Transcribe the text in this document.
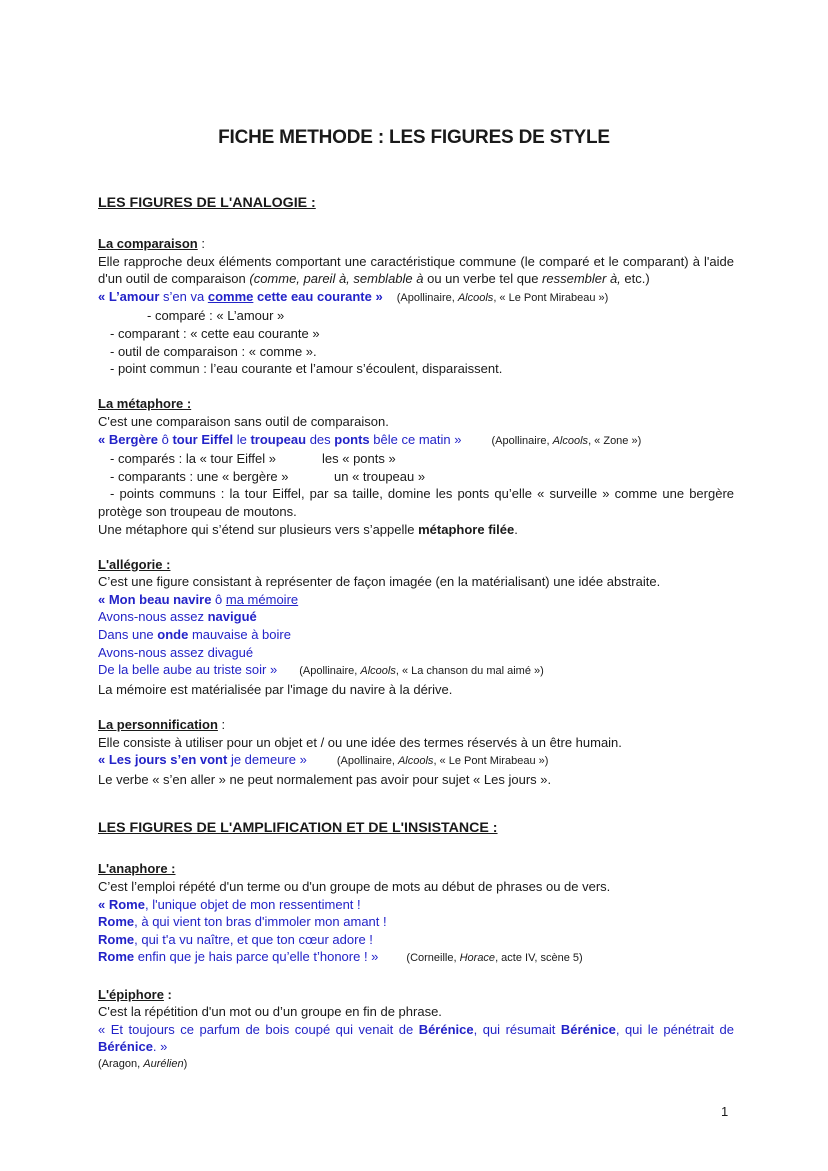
FICHE METHODE : LES FIGURES DE STYLE
LES FIGURES DE L'ANALOGIE :
La comparaison :
Elle rapproche deux éléments comportant une caractéristique commune (le comparé et le comparant) à l'aide d'un outil de comparaison (comme, pareil à, semblable à ou un verbe tel que ressembler à, etc.)
« L’amour s’en va comme cette eau courante » (Apollinaire, Alcools, « Le Pont Mirabeau »)
- comparé : « L’amour »
- comparant : « cette eau courante »
- outil de comparaison : « comme ».
- point commun : l’eau courante et l’amour s’écoulent, disparaissent.
La métaphore :
C'est une comparaison sans outil de comparaison.
« Bergère ô tour Eiffel le troupeau des ponts bêle ce matin »	(Apollinaire, Alcools, « Zone »)
- comparés : la « tour Eiffel »	les « ponts »
- comparants : une « bergère »	un « troupeau »
- points communs : la tour Eiffel, par sa taille, domine les ponts qu’elle « surveille » comme une bergère protège son troupeau de moutons.
Une métaphore qui s’étend sur plusieurs vers s’appelle métaphore filée.
L'allégorie :
C’est une figure consistant à représenter de façon imagée (en la matérialisant) une idée abstraite.
« Mon beau navire ô ma mémoire
Avons-nous assez navigué
Dans une onde mauvaise à boire
Avons-nous assez divagué
De la belle aube au triste soir » (Apollinaire, Alcools, « La chanson du mal aimé »)
La mémoire est matérialisée par l'image du navire à la dérive.
La personnification :
Elle consiste à utiliser pour un objet et / ou une idée des termes réservés à un être humain.
« Les jours s’en vont je demeure »	(Apollinaire, Alcools, « Le Pont Mirabeau »)
Le verbe « s’en aller » ne peut normalement pas avoir pour sujet « Les jours ».
LES FIGURES DE L'AMPLIFICATION ET DE L'INSISTANCE :
L'anaphore :
C’est l’emploi répété d'un terme ou d'un groupe de mots au début de phrases ou de vers.
« Rome, l'unique objet de mon ressentiment !
Rome, à qui vient ton bras d'immoler mon amant !
Rome, qui t'a vu naître, et que ton cœur adore !
Rome enfin que je hais parce qu’elle t’honore ! »	(Corneille, Horace, acte IV, scène 5)
L'épiphore :
C'est la répétition d'un mot ou d’un groupe en fin de phrase.
« Et toujours ce parfum de bois coupé qui venait de Bérénice, qui résumait Bérénice, qui le pénétrait de Bérénice. »
(Aragon, Aurélien)
1
